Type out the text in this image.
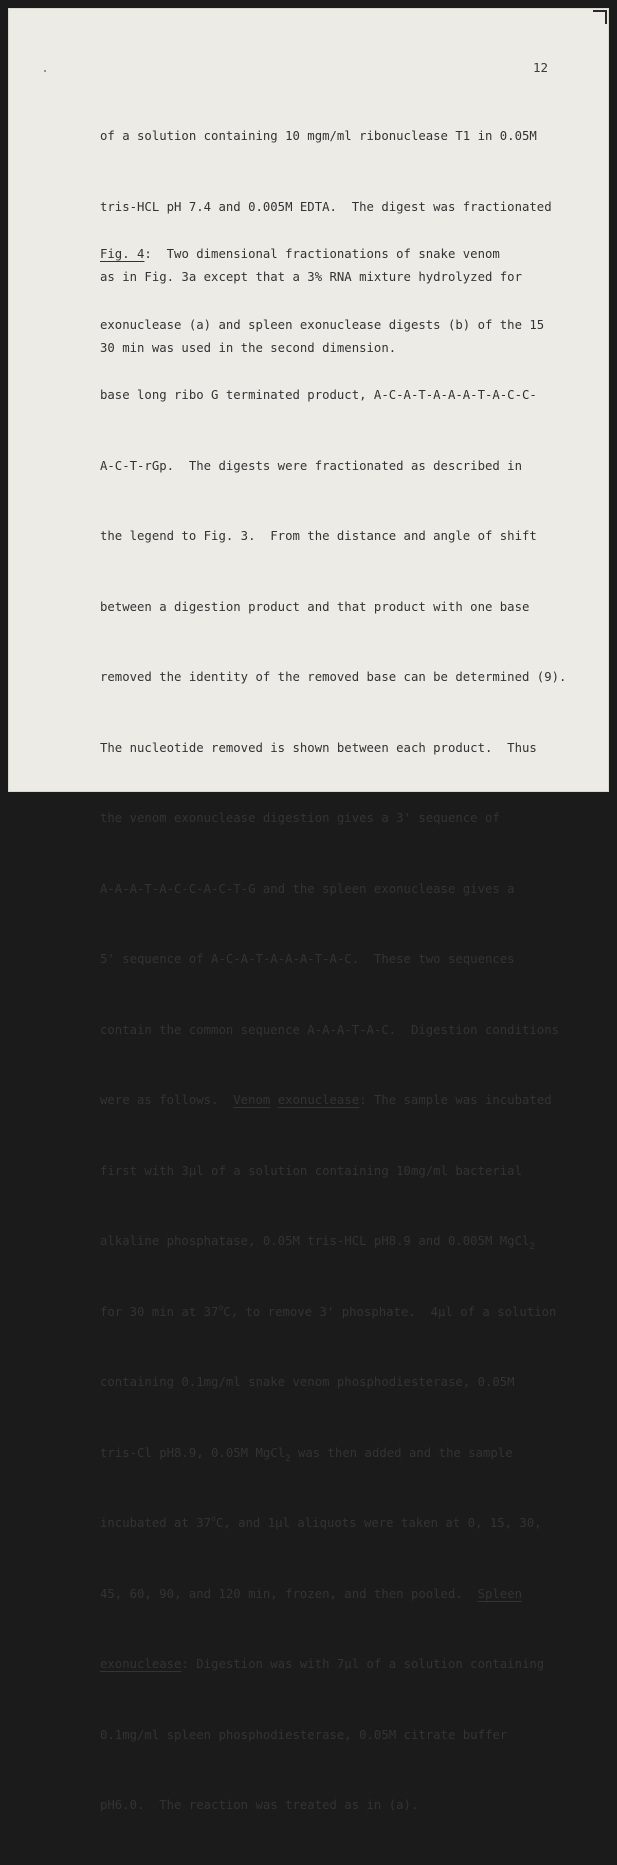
12

of a solution containing 10 mgm/ml ribonuclease T1 in 0.05M

tris-HCL pH 7.4 and 0.005M EDTA.  The digest was fractionated

as in Fig. 3a except that a 3% RNA mixture hydrolyzed for

30 min was used in the second dimension.

Fig. 4:  Two dimensional fractionations of snake venom

exonuclease (a) and spleen exonuclease digests (b) of the 15

base long ribo G terminated product, A-C-A-T-A-A-A-T-A-C-C-

A-C-T-rGp.  The digests were fractionated as described in

the legend to Fig. 3.  From the distance and angle of shift

between a digestion product and that product with one base

removed the identity of the removed base can be determined (9).

The nucleotide removed is shown between each product.  Thus

the venom exonuclease digestion gives a 3' sequence of

A-A-A-T-A-C-C-A-C-T-G and the spleen exonuclease gives a

5' sequence of A-C-A-T-A-A-A-T-A-C.  These two sequences

contain the common sequence A-A-A-T-A-C.  Digestion conditions

were as follows.  Venom exonuclease: The sample was incubated

first with 3µl of a solution containing 10mg/ml bacterial

alkaline phosphatase, 0.05M tris-HCL pH8.9 and 0.005M MgCl$_2$

for 30 min at 37$^o$C, to remove 3' phosphate.  4µl of a solution

containing 0.1mg/ml snake venom phosphodiesterase, 0.05M

tris-Cl pH8.9, 0.05M MgCl$_2$ was then added and the sample

incubated at 37$^o$C, and 1µl aliquots were taken at 0, 15, 30,

45, 60, 90, and 120 min, frozen, and then pooled.  Spleen

exonuclease: Digestion was with 7µl of a solution containing

0.1mg/ml spleen phosphodiesterase, 0.05M citrate buffer

pH6.0.  The reaction was treated as in (a).
